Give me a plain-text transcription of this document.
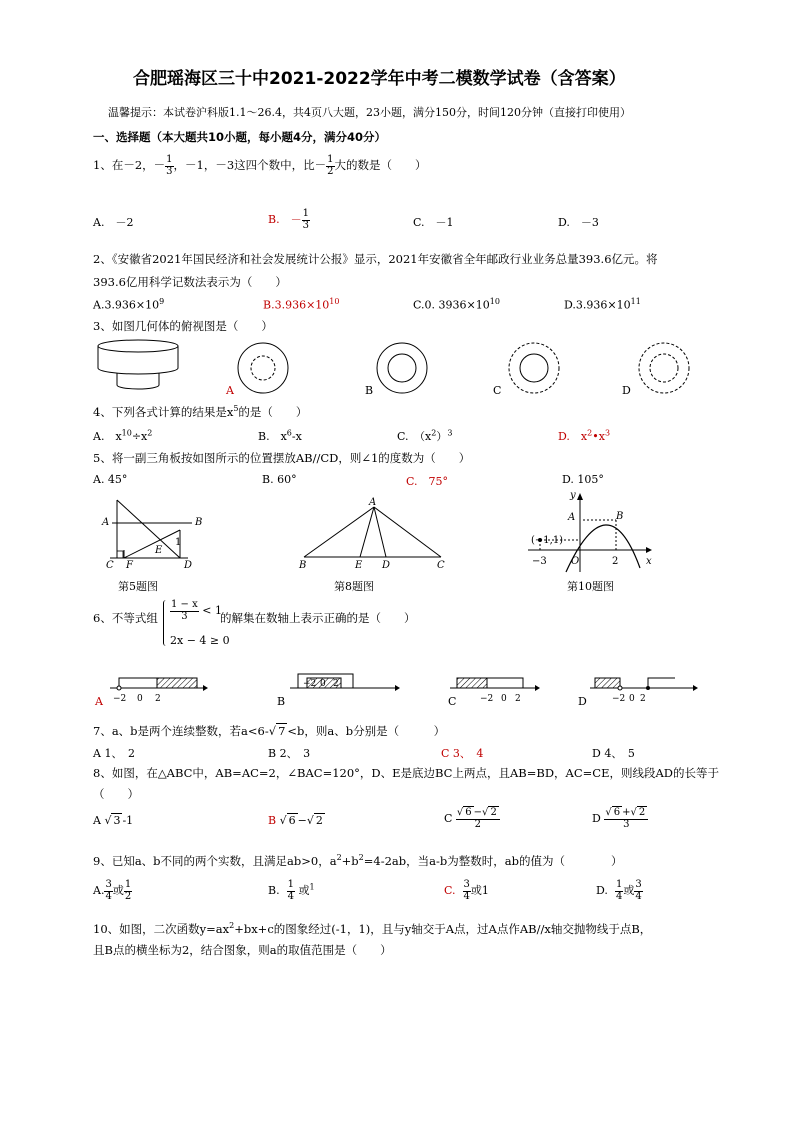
合肥瑶海区三十中2021-2022学年中考二模数学试卷（含答案）
温馨提示：本试卷沪科版1.1～26.4，共4页八大题，23小题，满分150分，时间120分钟（直接打印使用）
一、选择题（本大题共10小题，每小题4分，满分40分）
1、在－2，－ $\frac{1}{3}$ ，－1，－3这四个数中，比－ $\frac{1}{2}$ 大的数是（　　）
A.　－2	B.　－ $\frac{1}{3}$	C.　－1	D.　－3
2、《安徽省2021年国民经济和社会发展统计公报》显示，2021年安徽省全年邮政行业业务总量393.6亿元。将
393.6亿用科学记数法表示为（　　）
$A.3.936\times 10^9$	$B.3.936\times 10^{10}$	C.0. $3936\times 10^{10}$	$D.3.936\times 10^{11}$
3、如图几何体的俯视图是（　　）
A	B	C	D
4、下列各式计算的结果是$x^5$的是（　　）
A.　$x^{10}\div x^2$	B.　$x^6-x$	C.　$(x^2)^3$	D.　$x^2•x^3$
5、将一副三角板按如图所示的位置摆放AB//CD，则∠1的度数为（　　）
A. 45°	B. 60°	C.　75°	D. 105°
A	B
C F
E
1
D
第5题图
A
B	E D	C
第8题图
y
x
A	B
(−1,1)
−3 O	2
第10题图
6、不等式组 $\frac{1 - x}{3} < 1$
2x − 4 ≥ 0
的解集在数轴上表示正确的是（　　）
−2 0 2
−2 0 2
−2 0 2	−2 0 2
A	B	C	D
7、a、b是两个连续整数，若a<6-√ 7 <b，则a、b分别是（　　　）
A 1、　2	B 2、　3	C 3、　4	D 4、　5
8、如图，在△ABC中，AB=AC=2，∠BAC=120°，D、E是底边BC上两点，且AB=BD，AC=CE，则线段AD的长等于
（　　）
A √ 3 -1	B √ 6 −√ 2	C $\frac{√ 6 -√ 2}{2}$	D $\frac{√ 6 +√ 2}{3}$
9、已知a、b不同的两个实数，且满足ab>0，$a^2+b^2=4-2ab$，当a-b为整数时，ab的值为（　　　　）
A. $\frac{3}{4}$ 或 $\frac{1}{2}$	B. $\frac{1}{4}$ 或$^1$	C. $\frac{3}{4}$ 或1	D. $\frac{1}{4}$ 或 $\frac{3}{4}$
10、如图，二次函数$y=ax^2+bx+c$的图象经过(-1，1)，且与y轴交于A点，过A点作AB//x轴交抛物线于点B，
且B点的横坐标为2，结合图象，则a的取值范围是（　　）
